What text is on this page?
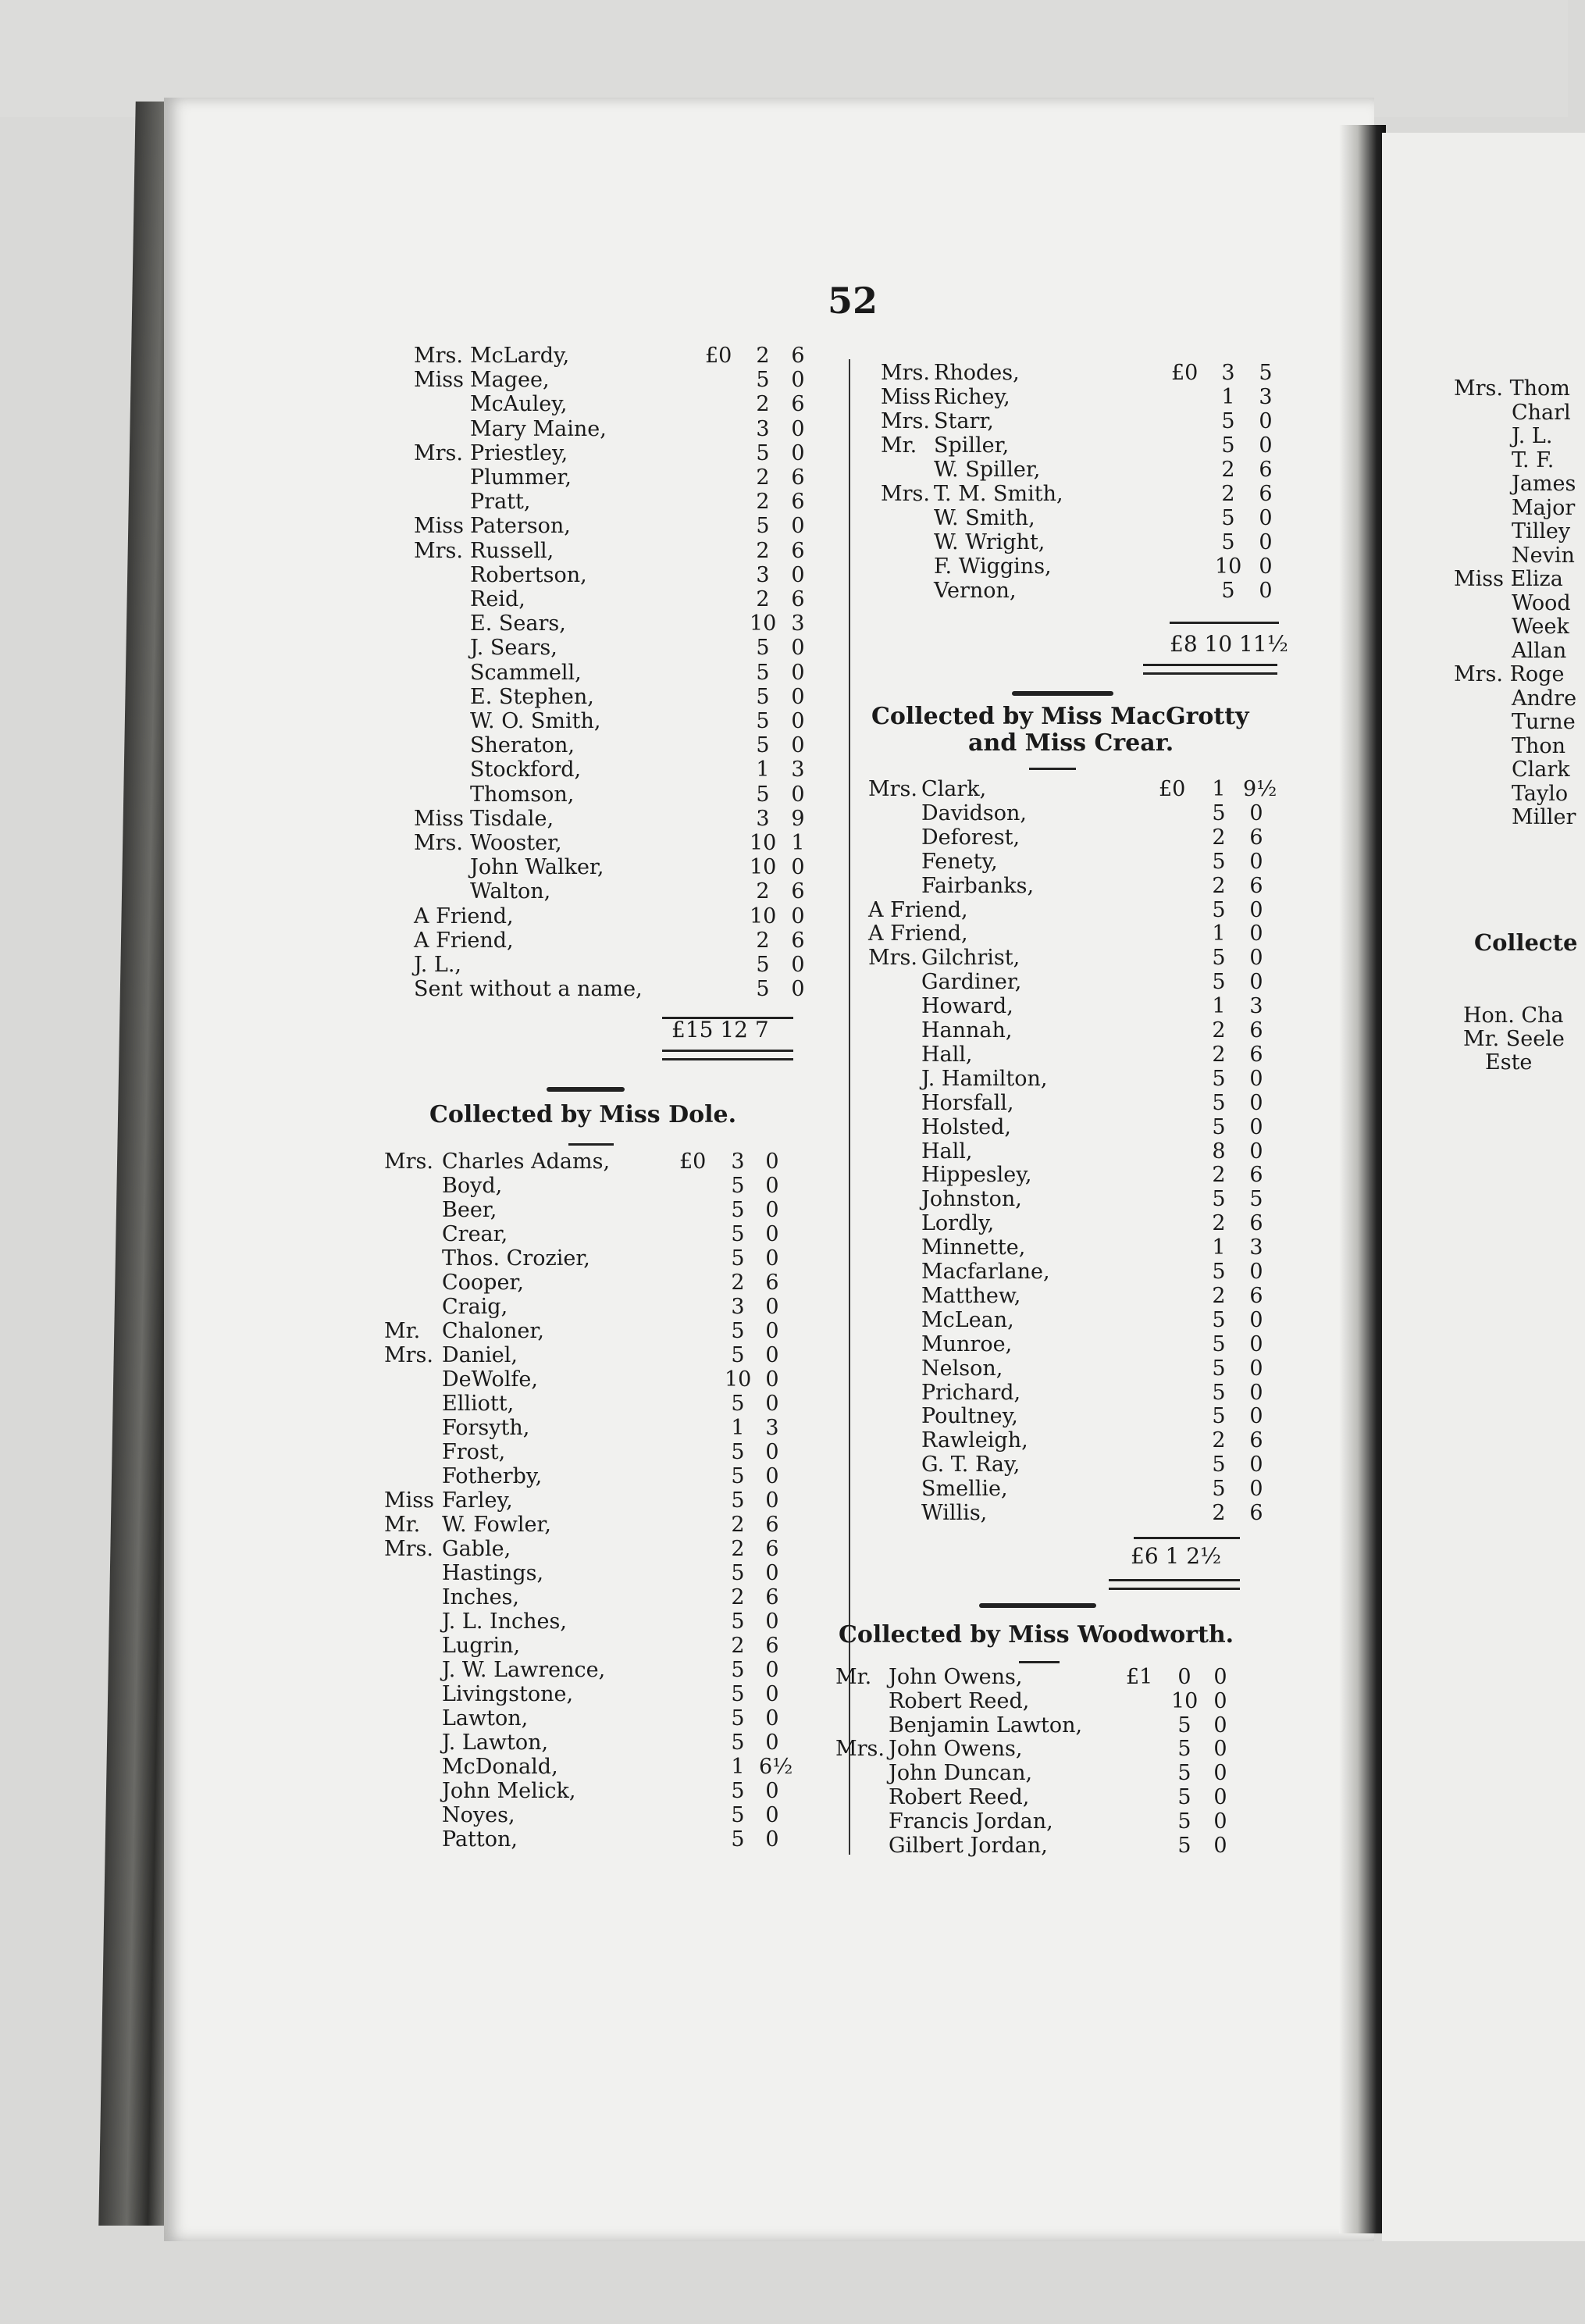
Mrs. Thom
Charl
J. L.
T. F.
James
Major
Tilley
Nevin
Miss Eliza
Wood
Week
Allan
Mrs. Roge
Andre
Turne
Thon
Clark
Taylo
Miller
Collecte
Hon. Cha
Mr. Seele
Este
52
Mrs. McLardy,	£0	2	6
Miss Magee,	5	0
McAuley,	2	6
Mary Maine,	3	0
Mrs. Priestley,	5	0
Plummer,	2	6
Pratt,	2	6
Miss Paterson,	5	0
Mrs. Russell,	2	6
Robertson,	3	0
Reid,	2	6
E. Sears,	10 3
J. Sears,	5	0
Scammell,	5	0
E. Stephen,	5	0
W. O. Smith,	5	0
Sheraton,	5	0
Stockford,	1	3
Thomson,	5	0
Miss Tisdale,	3	9
Mrs. Wooster,	10 1
John Walker,	10 0
Walton,	2	6
A Friend,	10 0
A Friend,	2	6
J. L.,	5	0
Sent without a name,	5	0
£15 12 7
Collected by Miss Dole.
Mrs. Charles Adams,	£0	3 0
Boyd,	5 0
Beer,	5 0
Crear,	5 0
Thos. Crozier,	5 0
Cooper,	2 6
Craig,	3 0
Mr. Chaloner,	5 0
Mrs. Daniel,	5 0
DeWolfe,	10 0
Elliott,	5 0
Forsyth,	1 3
Frost,	5 0
Fotherby,	5 0
Miss Farley,	5 0
Mr. W. Fowler,	2 6
Mrs. Gable,	2 6
Hastings,	5 0
Inches,	2 6
J. L. Inches,	5 0
Lugrin,	2 6
J. W. Lawrence,	5 0
Livingstone,	5 0
Lawton,	5 0
J. Lawton,	5 0
McDonald,	1 6½
John Melick,	5 0
Noyes,	5 0
Patton,	5 0
Mrs. Rhodes,	£0	3	5
Miss Richey,	1	3
Mrs. Starr,	5	0
Mr. Spiller,	5	0
W. Spiller,	2	6
Mrs. T. M. Smith,	2	6
W. Smith,	5	0
W. Wright,	5	0
F. Wiggins,	10 0
Vernon,	5	0
£8 10 11½
Collected by Miss MacGrotty
and Miss Crear.
Mrs. Clark,	£0	1 9½
Davidson,	5	0
Deforest,	2	6
Fenety,	5	0
Fairbanks,	2	6
A Friend,	5	0
A Friend,	1	0
Mrs. Gilchrist,	5	0
Gardiner,	5	0
Howard,	1	3
Hannah,	2	6
Hall,	2	6
J. Hamilton,	5	0
Horsfall,	5	0
Holsted,	5	0
Hall,	8	0
Hippesley,	2	6
Johnston,	5	5
Lordly,	2	6
Minnette,	1	3
Macfarlane,	5	0
Matthew,	2	6
McLean,	5	0
Munroe,	5	0
Nelson,	5	0
Prichard,	5	0
Poultney,	5	0
Rawleigh,	2	6
G. T. Ray,	5	0
Smellie,	5	0
Willis,	2	6
£6 1 2½
Collected by Miss Woodworth.
Mr. John Owens,	£1	0	0
Robert Reed,	10 0
Benjamin Lawton,	5	0
Mrs. John Owens,	5	0
John Duncan,	5	0
Robert Reed,	5	0
Francis Jordan,	5	0
Gilbert Jordan,	5	0
